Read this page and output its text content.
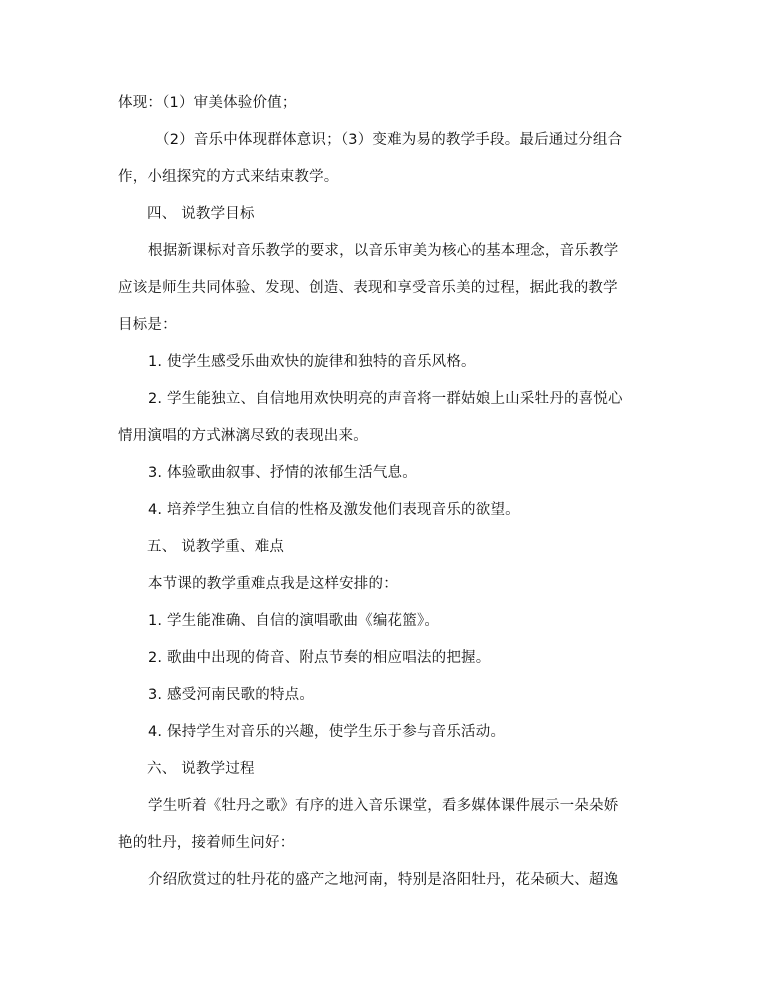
体现：（1）审美体验价值；
（2）音乐中体现群体意识；（3）变难为易的教学手段。最后通过分组合
作，小组探究的方式来结束教学。
四、 说教学目标
根据新课标对音乐教学的要求，以音乐审美为核心的基本理念，音乐教学
应该是师生共同体验、发现、创造、表现和享受音乐美的过程，据此我的教学
目标是：
1. 使学生感受乐曲欢快的旋律和独特的音乐风格。
2. 学生能独立、自信地用欢快明亮的声音将一群姑娘上山采牡丹的喜悦心
情用演唱的方式淋漓尽致的表现出来。
3. 体验歌曲叙事、抒情的浓郁生活气息。
4. 培养学生独立自信的性格及激发他们表现音乐的欲望。
五、 说教学重、难点
本节课的教学重难点我是这样安排的：
1. 学生能准确、自信的演唱歌曲《编花篮》。
2. 歌曲中出现的倚音、附点节奏的相应唱法的把握。
3. 感受河南民歌的特点。
4. 保持学生对音乐的兴趣，使学生乐于参与音乐活动。
六、 说教学过程
学生听着《牡丹之歌》有序的进入音乐课堂，看多媒体课件展示一朵朵娇
艳的牡丹，接着师生问好：
介绍欣赏过的牡丹花的盛产之地河南，特别是洛阳牡丹，花朵硕大、超逸
